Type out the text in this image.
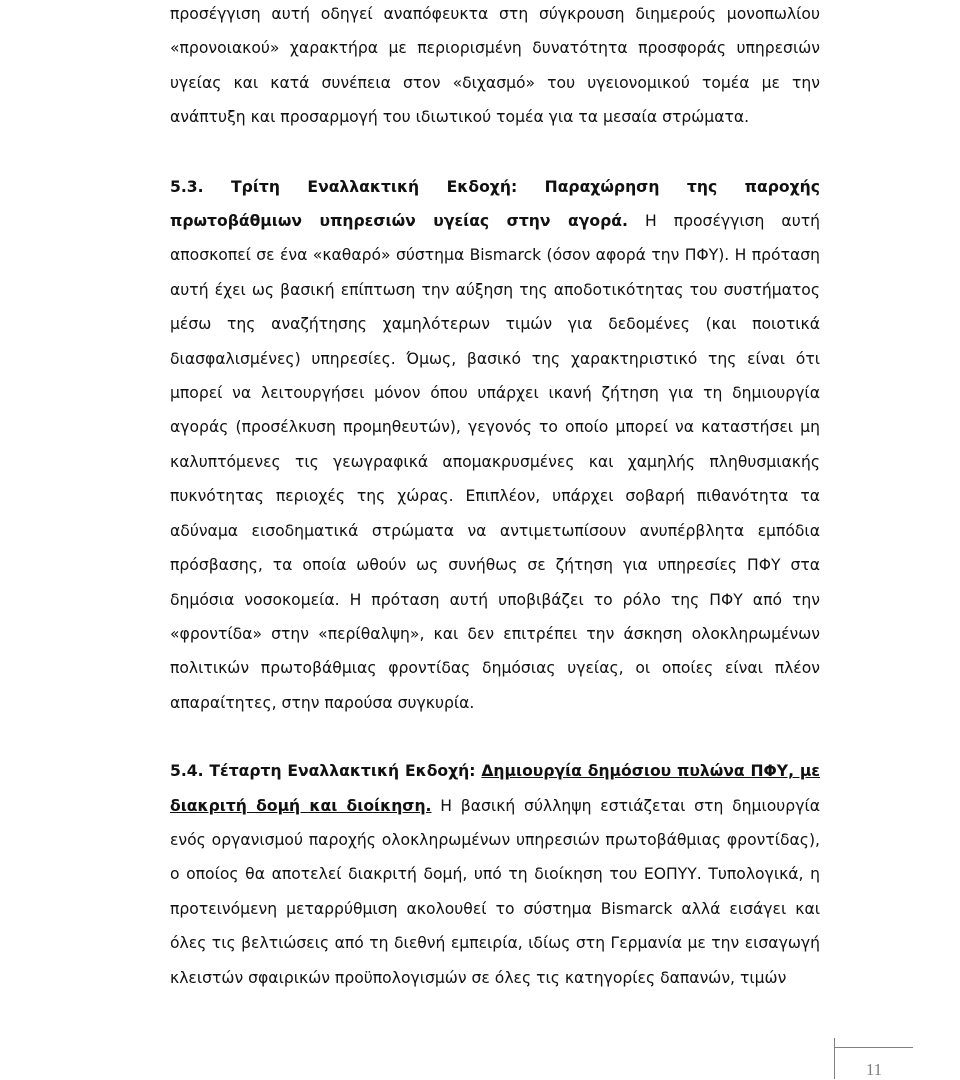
προσέγγιση αυτή οδηγεί αναπόφευκτα στη σύγκρουση διημερούς μονοπωλίου «προνοιακού» χαρακτήρα με περιορισμένη δυνατότητα προσφοράς υπηρεσιών υγείας και κατά συνέπεια στον «διχασμό» του υγειονομικού τομέα με την ανάπτυξη και προσαρμογή του ιδιωτικού τομέα για τα μεσαία στρώματα.

5.3. Τρίτη Εναλλακτική Εκδοχή: Παραχώρηση της παροχής πρωτοβάθμιων υπηρεσιών υγείας στην αγορά. Η προσέγγιση αυτή αποσκοπεί σε ένα «καθαρό» σύστημα Bismarck (όσον αφορά την ΠΦΥ). Η πρόταση αυτή έχει ως βασική επίπτωση την αύξηση της αποδοτικότητας του συστήματος μέσω της αναζήτησης χαμηλότερων τιμών για δεδομένες (και ποιοτικά διασφαλισμένες) υπηρεσίες. Όμως, βασικό της χαρακτηριστικό της είναι ότι μπορεί να λειτουργήσει μόνον όπου υπάρχει ικανή ζήτηση για τη δημιουργία αγοράς (προσέλκυση προμηθευτών), γεγονός το οποίο μπορεί να καταστήσει μη καλυπτόμενες τις γεωγραφικά απομακρυσμένες και χαμηλής πληθυσμιακής πυκνότητας περιοχές της χώρας. Επιπλέον, υπάρχει σοβαρή πιθανότητα τα αδύναμα εισοδηματικά στρώματα να αντιμετωπίσουν ανυπέρβλητα εμπόδια πρόσβασης, τα οποία ωθούν ως συνήθως σε ζήτηση για υπηρεσίες ΠΦΥ στα δημόσια νοσοκομεία. Η πρόταση αυτή υποβιβάζει το ρόλο της ΠΦΥ από την «φροντίδα» στην «περίθαλψη», και δεν επιτρέπει την άσκηση ολοκληρωμένων πολιτικών πρωτοβάθμιας φροντίδας δημόσιας υγείας, οι οποίες είναι πλέον απαραίτητες, στην παρούσα συγκυρία.

5.4. Τέταρτη Εναλλακτική Εκδοχή: Δημιουργία δημόσιου πυλώνα ΠΦΥ, με διακριτή δομή και διοίκηση. Η βασική σύλληψη εστιάζεται στη δημιουργία ενός οργανισμού παροχής ολοκληρωμένων υπηρεσιών πρωτοβάθμιας φροντίδας), ο οποίος θα αποτελεί διακριτή δομή, υπό τη διοίκηση του ΕΟΠΥΥ. Τυπολογικά, η προτεινόμενη μεταρρύθμιση ακολουθεί το σύστημα Bismarck αλλά εισάγει και όλες τις βελτιώσεις από τη διεθνή εμπειρία, ιδίως στη Γερμανία με την εισαγωγή κλειστών σφαιρικών προϋπολογισμών σε όλες τις κατηγορίες δαπανών, τιμών

11
